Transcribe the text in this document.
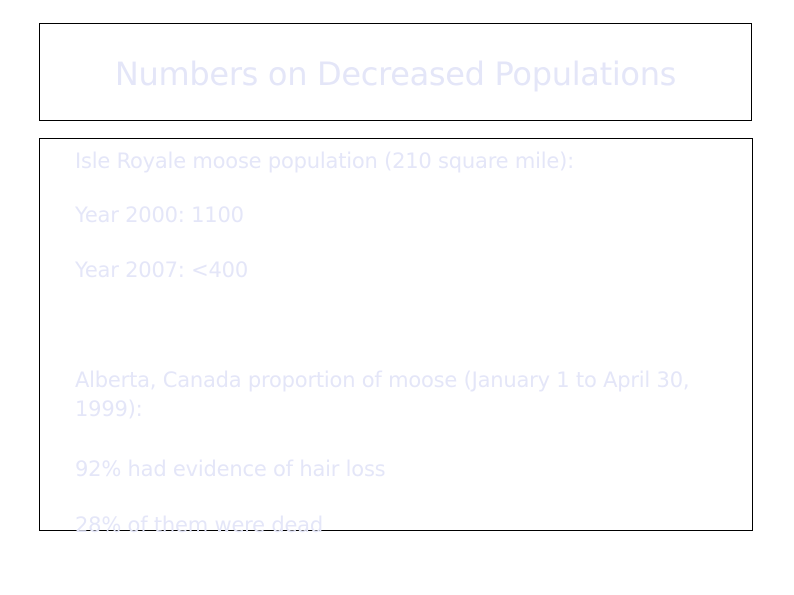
Numbers on Decreased Populations
Isle Royale moose population (210 square mile):
Year 2000: 1100
Year 2007: <400
Alberta, Canada proportion of moose (January 1 to April 30, 1999):
92% had evidence of hair loss
28% of them were dead
